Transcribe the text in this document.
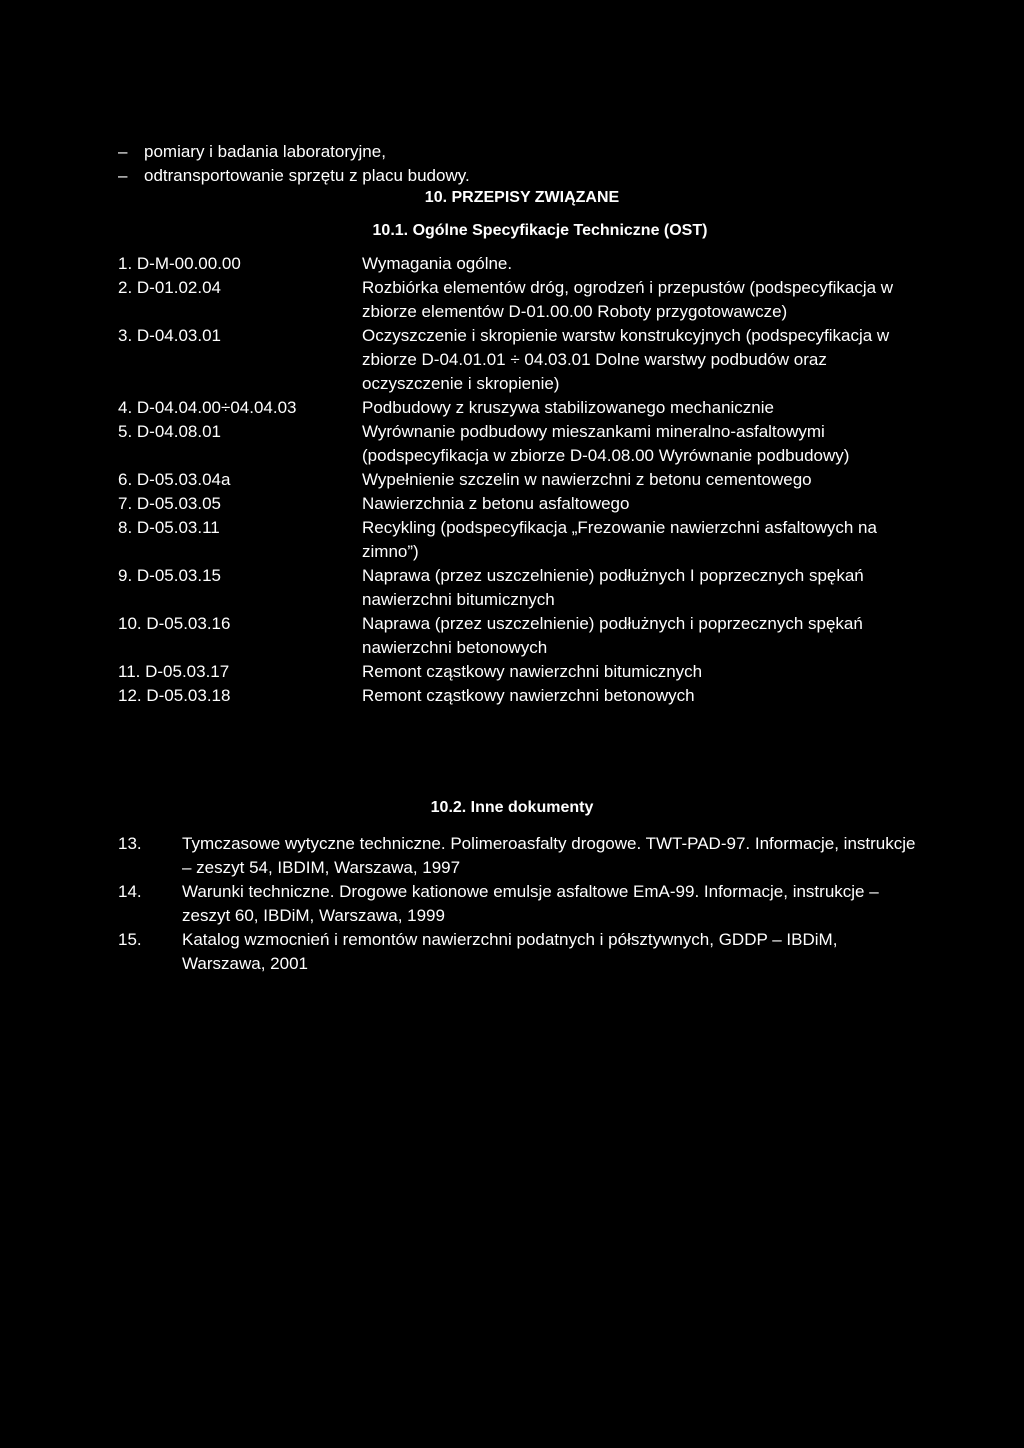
– pomiary i badania laboratoryjne,
– odtransportowanie sprzętu z placu budowy.
10. PRZEPISY ZWIĄZANE
10.1. Ogólne Specyfikacje Techniczne (OST)
1. D-M-00.00.00	Wymagania ogólne.
2. D-01.02.04	Rozbiórka elementów dróg, ogrodzeń i przepustów (podspecyfikacja w zbiorze elementów D-01.00.00 Roboty przygotowawcze)
3. D-04.03.01	Oczyszczenie i skropienie warstw konstrukcyjnych (podspecyfikacja w zbiorze D-04.01.01 ÷ 04.03.01 Dolne warstwy podbudów oraz oczyszczenie i skropienie)
4. D-04.04.00÷04.04.03	Podbudowy z kruszywa stabilizowanego mechanicznie
5. D-04.08.01	Wyrównanie podbudowy mieszankami mineralno-asfaltowymi (podspecyfikacja w zbiorze D-04.08.00 Wyrównanie podbudowy)
6. D-05.03.04a	Wypełnienie szczelin w nawierzchni z betonu cementowego
7. D-05.03.05	Nawierzchnia z betonu asfaltowego
8. D-05.03.11	Recykling (podspecyfikacja „Frezowanie nawierzchni asfaltowych na zimno”)
9. D-05.03.15	Naprawa (przez uszczelnienie) podłużnych I poprzecznych spękań nawierzchni bitumicznych
10. D-05.03.16	Naprawa (przez uszczelnienie) podłużnych i poprzecznych spękań nawierzchni betonowych
11. D-05.03.17	Remont cząstkowy nawierzchni bitumicznych
12. D-05.03.18	Remont cząstkowy nawierzchni betonowych
10.2. Inne dokumenty
13.	Tymczasowe wytyczne techniczne. Polimeroasfalty drogowe. TWT-PAD-97. Informacje, instrukcje – zeszyt 54, IBDIM, Warszawa, 1997
14.	Warunki techniczne. Drogowe kationowe emulsje asfaltowe EmA-99. Informacje, instrukcje – zeszyt 60, IBDiM, Warszawa, 1999
15.	Katalog wzmocnień i remontów nawierzchni podatnych i półsztywnych, GDDP – IBDiM, Warszawa, 2001
